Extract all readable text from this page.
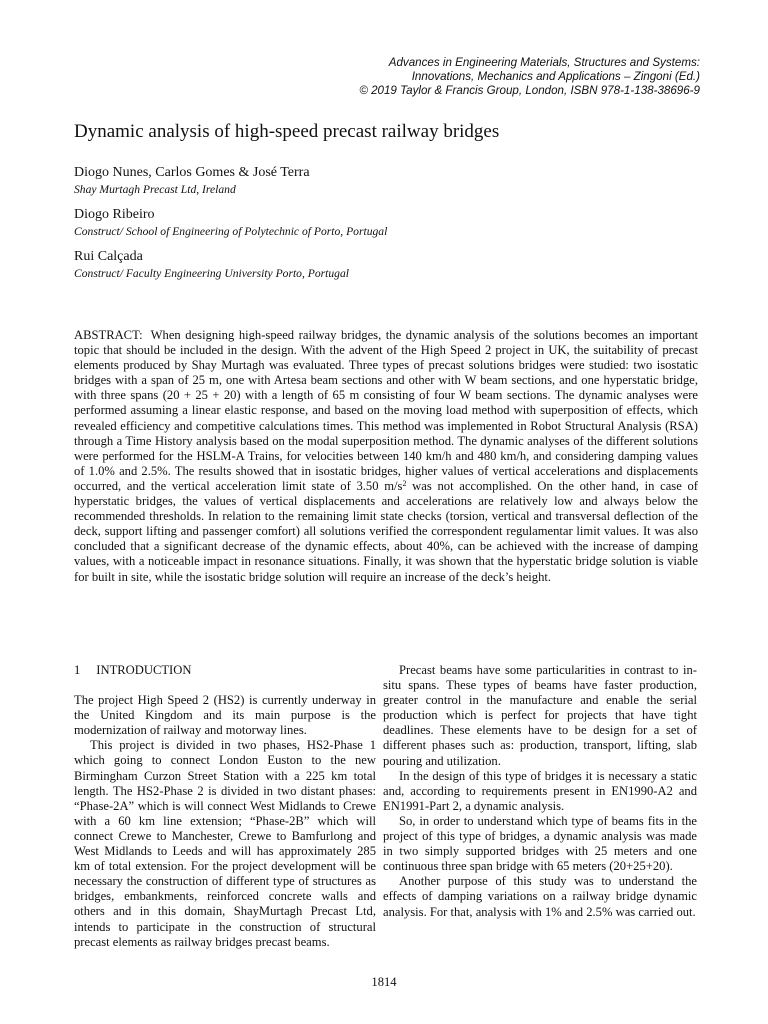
Advances in Engineering Materials, Structures and Systems:
Innovations, Mechanics and Applications – Zingoni (Ed.)
© 2019 Taylor & Francis Group, London, ISBN 978-1-138-38696-9
Dynamic analysis of high-speed precast railway bridges
Diogo Nunes, Carlos Gomes & José Terra
Shay Murtagh Precast Ltd, Ireland
Diogo Ribeiro
Construct/ School of Engineering of Polytechnic of Porto, Portugal
Rui Calçada
Construct/ Faculty Engineering University Porto, Portugal

ABSTRACT: When designing high-speed railway bridges, the dynamic analysis of the solutions becomes an important topic that should be included in the design. With the advent of the High Speed 2 project in UK, the suitability of precast elements produced by Shay Murtagh was evaluated. Three types of precast solutions bridges were studied: two isostatic bridges with a span of 25 m, one with Artesa beam sections and other with W beam sections, and one hyperstatic bridge, with three spans (20 + 25 + 20) with a length of 65 m consisting of four W beam sections. The dynamic analyses were performed assuming a linear elastic response, and based on the moving load method with superposition of effects, which revealed efficiency and competitive calculations times. This method was implemented in Robot Structural Analysis (RSA) through a Time History analysis based on the modal superposition method. The dynamic analyses of the different solutions were performed for the HSLM-A Trains, for velocities between 140 km/h and 480 km/h, and considering damping values of 1.0% and 2.5%. The results showed that in isostatic bridges, higher values of vertical accelerations and displacements occurred, and the vertical acceleration limit state of 3.50 $m/s^2$ was not accomplished. On the other hand, in case of hyperstatic bridges, the values of vertical displacements and accelerations are relatively low and always below the recommended thresholds. In relation to the remaining limit state checks (torsion, vertical and transversal deflection of the deck, support lifting and passenger comfort) all solutions verified the correspondent regulamentar limit values. It was also concluded that a significant decrease of the dynamic effects, about 40%, can be achieved with the increase of damping values, with a noticeable impact in resonance situations. Finally, it was shown that the hyperstatic bridge solution is viable for built in site, while the isostatic bridge solution will require an increase of the deck’s height.

1 INTRODUCTION

The project High Speed 2 (HS2) is currently underway in the United Kingdom and its main purpose is the modernization of railway and motorway lines.

This project is divided in two phases, HS2-Phase 1 which going to connect London Euston to the new Birmingham Curzon Street Station with a 225 km total length. The HS2-Phase 2 is divided in two distant phases: “Phase-2A” which is will connect West Midlands to Crewe with a 60 km line extension; “Phase-2B” which will connect Crewe to Manchester, Crewe to Bamfurlong and West Midlands to Leeds and will has approximately 285 km of total extension. For the project development will be necessary the construction of different type of structures as bridges, embankments, reinforced concrete walls and others and in this domain, ShayMurtagh Precast Ltd, intends to participate in the construction of structural precast elements as railway bridges precast beams.

Precast beams have some particularities in contrast to in-situ spans. These types of beams have faster production, greater control in the manufacture and enable the serial production which is perfect for projects that have tight deadlines. These elements have to be design for a set of different phases such as: production, transport, lifting, slab pouring and utilization.

In the design of this type of bridges it is necessary a static and, according to requirements present in EN1990-A2 and EN1991-Part 2, a dynamic analysis.

So, in order to understand which type of beams fits in the project of this type of bridges, a dynamic analysis was made in two simply supported bridges with 25 meters and one continuous three span bridge with 65 meters (20+25+20).

Another purpose of this study was to understand the effects of damping variations on a railway bridge dynamic analysis. For that, analysis with 1% and 2.5% was carried out.

1814
